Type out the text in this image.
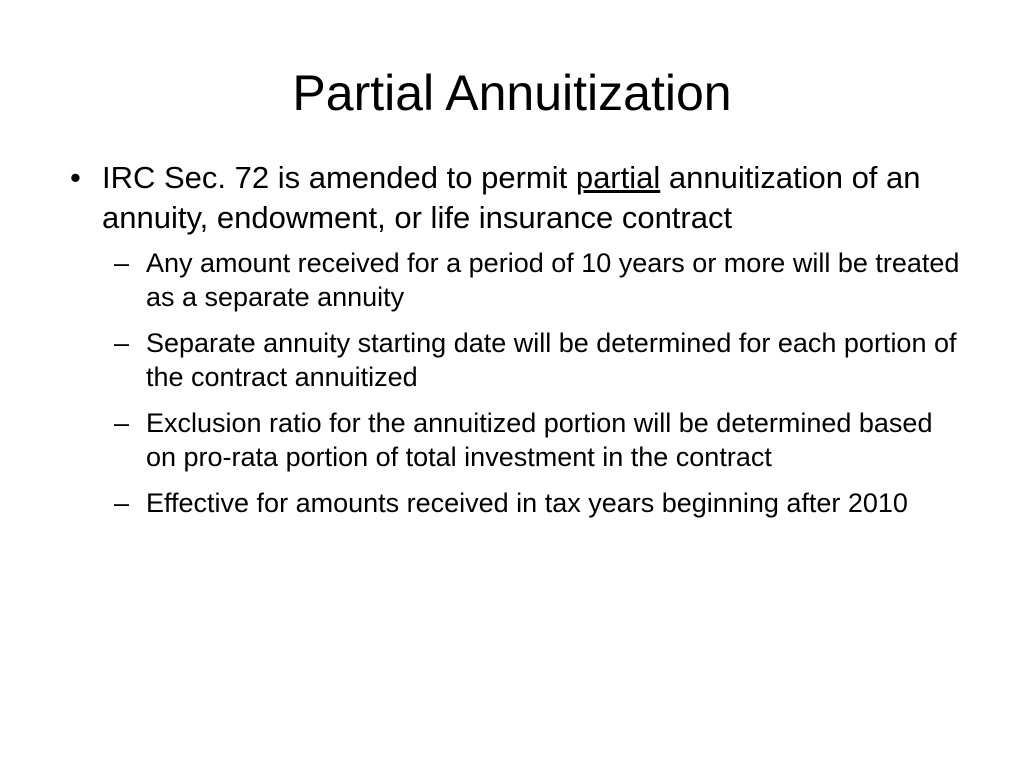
Partial Annuitization
• IRC Sec. 72 is amended to permit partial annuitization of an annuity, endowment, or life insurance contract
– Any amount received for a period of 10 years or more will be treated as a separate annuity
– Separate annuity starting date will be determined for each portion of the contract annuitized
– Exclusion ratio for the annuitized portion will be determined based on pro-rata portion of total investment in the contract
– Effective for amounts received in tax years beginning after 2010
